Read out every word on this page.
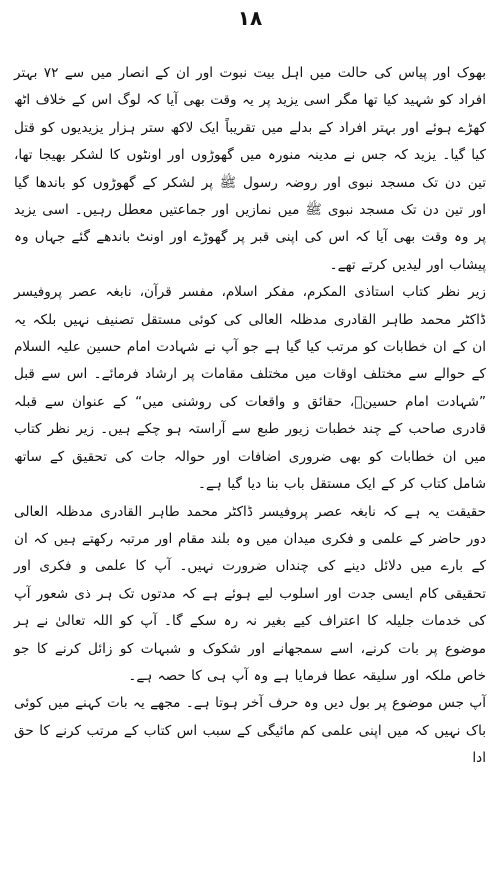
۱۸

بھوک اور پیاس کی حالت میں اہل بیت نبوت اور ان کے انصار میں سے ۷۲ بہتر افراد کو شہید کیا تھا مگر اسی یزید پر یہ وقت بھی آیا کہ لوگ اس کے خلاف اٹھ کھڑے ہوئے اور بہتر افراد کے بدلے میں تقریباً ایک لاکھ ستر ہزار یزیدیوں کو قتل کیا گیا۔ یزید کہ جس نے مدینہ منورہ میں گھوڑوں اور اونٹوں کا لشکر بھیجا تھا، تین دن تک مسجد نبوی اور روضہ رسول ﷺ پر لشکر کے گھوڑوں کو باندھا گیا اور تین دن تک مسجد نبوی ﷺ میں نمازیں اور جماعتیں معطل رہیں۔ اسی یزید پر وہ وقت بھی آیا کہ اس کی اپنی قبر پر گھوڑے اور اونٹ باندھے گئے جہاں وہ پیشاب اور لیدیں کرتے تھے۔

زیر نظر کتاب استاذی المکرم، مفکر اسلام، مفسر قرآن، نابغہ عصر پروفیسر ڈاکٹر محمد طاہر القادری مدظلہ العالی کی کوئی مستقل تصنیف نہیں بلکہ یہ ان کے ان خطابات کو مرتب کیا گیا ہے جو آپ نے شہادت امام حسین علیہ السلام کے حوالے سے مختلف اوقات میں مختلف مقامات پر ارشاد فرمائے۔ اس سے قبل ”شہادت امام حسینؑ، حقائق و واقعات کی روشنی میں“ کے عنوان سے قبلہ قادری صاحب کے چند خطبات زیور طبع سے آراستہ ہو چکے ہیں۔ زیر نظر کتاب میں ان خطابات کو بھی ضروری اضافات اور حوالہ جات کی تحقیق کے ساتھ شامل کتاب کر کے ایک مستقل باب بنا دیا گیا ہے۔

حقیقت یہ ہے کہ نابغہ عصر پروفیسر ڈاکٹر محمد طاہر القادری مدظلہ العالی دور حاضر کے علمی و فکری میدان میں وہ بلند مقام اور مرتبہ رکھتے ہیں کہ ان کے بارے میں دلائل دینے کی چنداں ضرورت نہیں۔ آپ کا علمی و فکری اور تحقیقی کام ایسی جدت اور اسلوب لیے ہوئے ہے کہ مدتوں تک ہر ذی شعور آپ کی خدمات جلیلہ کا اعتراف کیے بغیر نہ رہ سکے گا۔ آپ کو اللہ تعالیٰ نے ہر موضوع پر بات کرنے، اسے سمجھانے اور شکوک و شبہات کو زائل کرنے کا جو خاص ملکہ اور سلیقہ عطا فرمایا ہے وہ آپ ہی کا حصہ ہے۔

آپ جس موضوع پر بول دیں وہ حرف آخر ہوتا ہے۔ مجھے یہ بات کہنے میں کوئی باک نہیں کہ میں اپنی علمی کم مائیگی کے سبب اس کتاب کے مرتب کرنے کا حق ادا
